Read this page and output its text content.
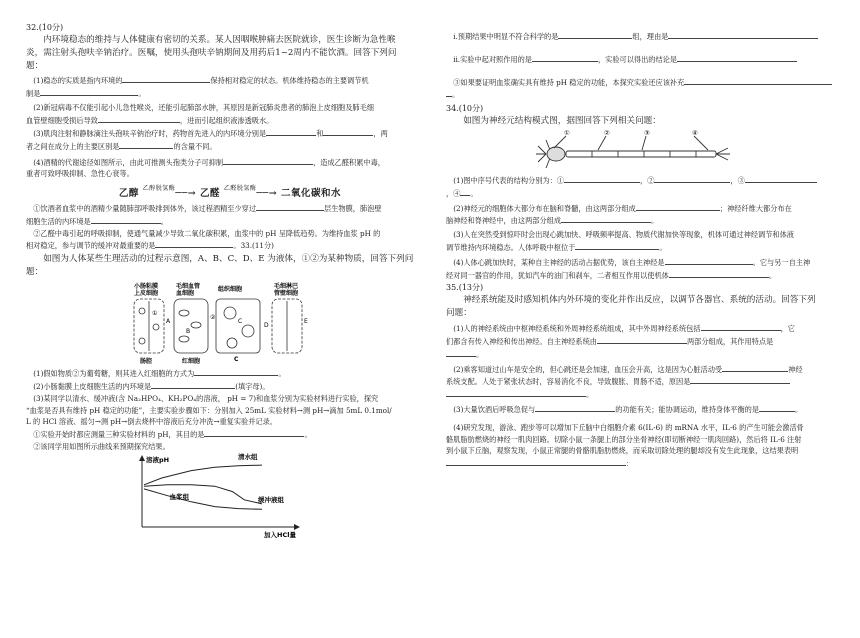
32.(10分)

内环境稳态的维持与人体健康有密切的关系。某人因咽喉肿痛去医院就诊，医生诊断为急性喉

炎，需注射头孢呋辛钠治疗。医嘱，使用头孢呋辛钠期间及用药后1~2周内不能饮酒。回答下列问

题：

(1)稳态的实质是指内环境的	保持相对稳定的状态。机体维持稳态的主要调节机

制是	。

(2)新冠病毒不仅能引起小儿急性喉炎，还能引起肺部水肿，其原因是新冠肺炎患者的肺泡上皮细胞及肺毛细

血管壁细胞受损后导致	，进而引起组织液渗透吸水。

(3)肌肉注射和静脉滴注头孢呋辛钠治疗时，药物首先进入的内环境分别是	和	，两

者之间在成分上的主要区别是	的含量不同。

(4)酒精的代谢途径如图所示，由此可推测头孢类分子可抑制	，造成乙醛积累中毒，

重者可致呼吸抑制、急性心衰等。

乙醇 $^{乙醇脱氢酶}$──→ 乙醛 $^{乙醛脱氢酶}$──→ 二氧化碳和水

①饮酒者血浆中的酒精少量随肺部呼吸排到体外，该过程酒精至少穿过	层生物膜，肺泡壁

细胞生活的内环境是	。

②乙醛中毒引起的呼吸抑制，使通气量减少导致二氧化碳积累，血浆中的 pH 呈降低趋势。为维持血浆 pH 的

相对稳定，参与调节的缓冲对最重要的是	。33.(11分)

如图为人体某些生理活动的过程示意图，A、B、C、D、E 为液体，①②为某种物质，回答下列问

题：

小肠粘膜
上皮细胞
毛细血管
血细胞
组织细胞	毛细淋巴
管壁细胞
①
A
B
②
C
D
E
肠腔	红细胞	C

(1)假如物质②为葡萄糖，则其进入红细胞的方式为	。

(2)小肠黏膜上皮细胞生活的内环境是	(填字母)。

(3)某同学以清水、缓冲液(含 Na₂HPO₄、KH₂PO₄的溶液， pH = 7)和血浆分别为实验材料进行实验，探究

“血浆是否具有维持 pH 稳定的功能”，主要实验步骤如下：分别加入 25mL 实验材料→测 pH→滴加 5mL 0.1mol/

L 的 HCl 溶液、摇匀→测 pH→倒去烧杯中溶液后充分冲洗→重复实验并记录。

①实验开始时都应测量三种实验材料的 pH，其目的是	。

②该同学用如图所示曲线来预期探究结果。

溶液pH
加入HCl量
清水组
缓冲液组
血浆组

ⅰ.预期结果中明显不符合科学的是	组，理由是

ⅱ.实验中起对照作用的是	，实验可以得出的结论是

③如果要证明血浆确实具有维持 pH 稳定的功能，本探究实验还应该补充

。

34.(10分)

如图为神经元结构模式图，据图回答下列相关问题：

①	②	③	④

(1)图中序号代表的结构分别为：①	，②	，③

，④ 。

(2)神经元的细胞体大都分布在脑和脊髓，由这两部分组成	；神经纤维大都分布在

脑神经和脊神经中，由这两部分组成	。

(3)人在突然受到惊吓时会出现心跳加快、呼吸频率提高、物质代谢加快等现象，机体可通过神经调节和体液

调节维持内环境稳态。人体呼吸中枢位于	。

(4)人体心跳加快时，某种自主神经的活动占据优势，该自主神经是	。它与另一自主神

经对同一器官的作用，犹如汽车的油门和刹车，二者相互作用以使机体	。

35.(13分)

神经系统能及时感知机体内外环境的变化并作出反应，以调节各器官、系统的活动。回答下列

问题：

(1)人的神经系统由中枢神经系统和外周神经系统组成，其中外周神经系统包括	，它

们都含有传入神经和传出神经。自主神经系统由	两部分组成，其作用特点是

。

(2)乘客知道过山车是安全的，但心跳还是会加速，血压会升高，这是因为心脏活动受	神经

系统支配。人处于紧张状态时，容易消化不良，导致腹胀、胃肠不适，原因是

。

(3)大量饮酒后呼吸急促与	的功能有关；能协调运动，维持身体平衡的是	。

(4)研究发现，游泳、跑步等可以增加下丘脑中白细胞介素 6(IL-6) 的 mRNA 水平，IL-6 的产生可能会激活骨

骼肌脂肪燃烧的神经一肌肉回路。切除小鼠一条腿上的部分坐骨神经(即切断神经一肌肉回路)，然后将 IL-6 注射

到小鼠下丘脑，观察发现，小鼠正常腿的骨骼肌脂肪燃烧，而采取切除处理的腿却没有发生此现象，这结果表明

：
